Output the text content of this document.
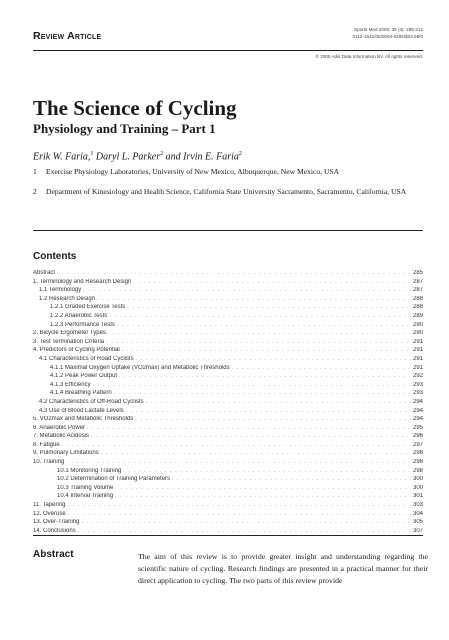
Review Article
Sports Med 2005; 35 (4): 285-312
0112-1642/05/0004-0285/$34.95/0
© 2005 Adis Data Information BV. All rights reserved.
The Science of Cycling
Physiology and Training – Part 1
Erik W. Faria,$^1$ Daryl L. Parker$^2$ and Irvin E. Faria$^2$
1 Exercise Physiology Laboratories, University of New Mexico, Albuquerque, New Mexico, USA
2 Department of Kinesiology and Health Science, California State University Sacramento, Sacramento, California, USA
Contents
Abstract . . .	285
1. Terminology and Research Design . . .	287
1.1 Terminology . . .	287
1.2 Research Design . . .	288
1.2.1 Graded Exercise Tests . . .	288
1.2.2 Anaerobic Tests . . .	289
1.2.3 Performance Tests . . .	290
2. Bicycle Ergometer Types . . .	290
3. Test Termination Criteria . . .	291
4. Predictors of Cycling Potential . . .	291
4.1 Characteristics of Road Cyclists . . .	291
4.1.1 Maximal Oxygen Uptake (VO2max) and Metabolic Thresholds . . .	291
4.1.2 Peak Power Output . . .	292
4.1.3 Efficiency . . .	293
4.1.4 Breathing Pattern . . .	293
4.2 Characteristics of Off-Road Cyclists . . .	294
4.3 Use of Blood Lactate Levels . . .	294
5. VO2max and Metabolic Thresholds . . .	294
6. Anaerobic Power . . .	295
7. Metabolic Acidosis . . .	296
8. Fatigue . . .	297
9. Pulmonary Limitations . . .	298
10. Training . . .	298
10.1 Monitoring Training . . .	298
10.2 Determination of Training Parameters . . .	300
10.3 Training Volume . . .	300
10.4 Interval Training . . .	301
11. Tapering . . .	303
12. Overuse . . .	304
13. Over-Training . . .	305
14. Conclusions . . .	307
Abstract	The aim of this review is to provide greater insight and understanding regarding the scientific nature of cycling. Research findings are presented in a practical manner for their direct application to cycling. The two parts of this review provide
